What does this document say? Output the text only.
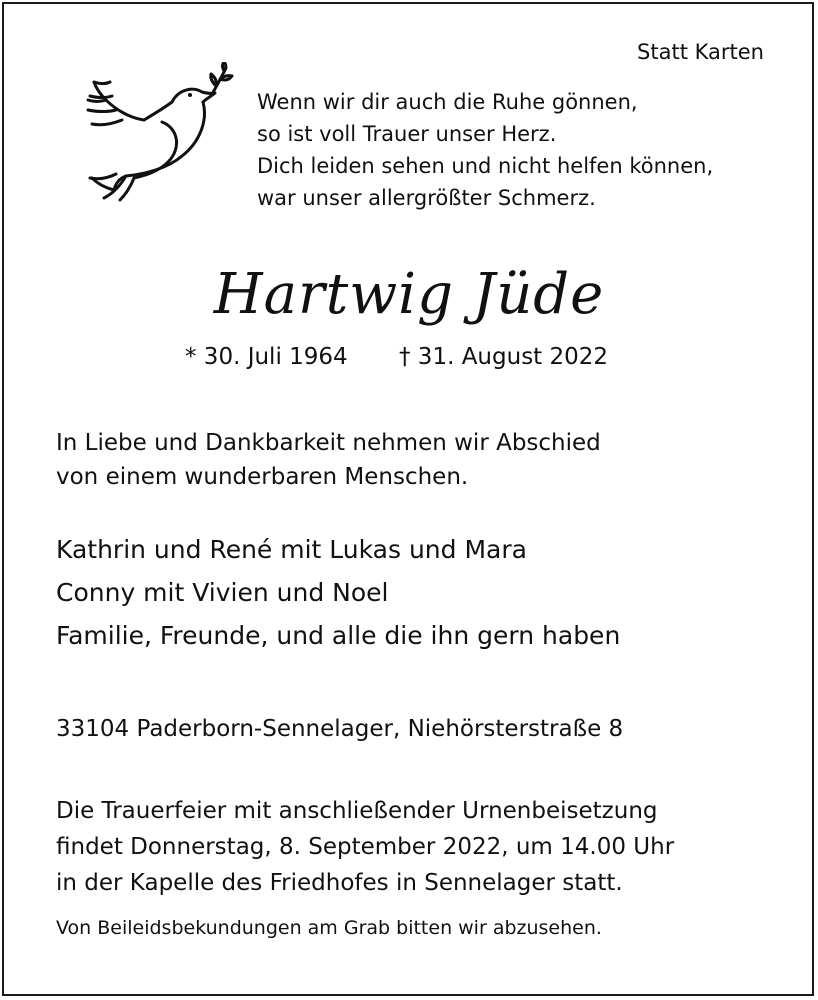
Statt Karten
Wenn wir dir auch die Ruhe gönnen,
so ist voll Trauer unser Herz.
Dich leiden sehen und nicht helfen können,
war unser allergrößter Schmerz.
Hartwig Jüde
* 30. Juli 1964 † 31. August 2022
In Liebe und Dankbarkeit nehmen wir Abschied
von einem wunderbaren Menschen.
Kathrin und René mit Lukas und Mara
Conny mit Vivien und Noel
Familie, Freunde, und alle die ihn gern haben
33104 Paderborn-Sennelager, Niehörsterstraße 8
Die Trauerfeier mit anschließender Urnenbeisetzung
findet Donnerstag, 8. September 2022, um 14.00 Uhr
in der Kapelle des Friedhofes in Sennelager statt.
Von Beileidsbekundungen am Grab bitten wir abzusehen.
